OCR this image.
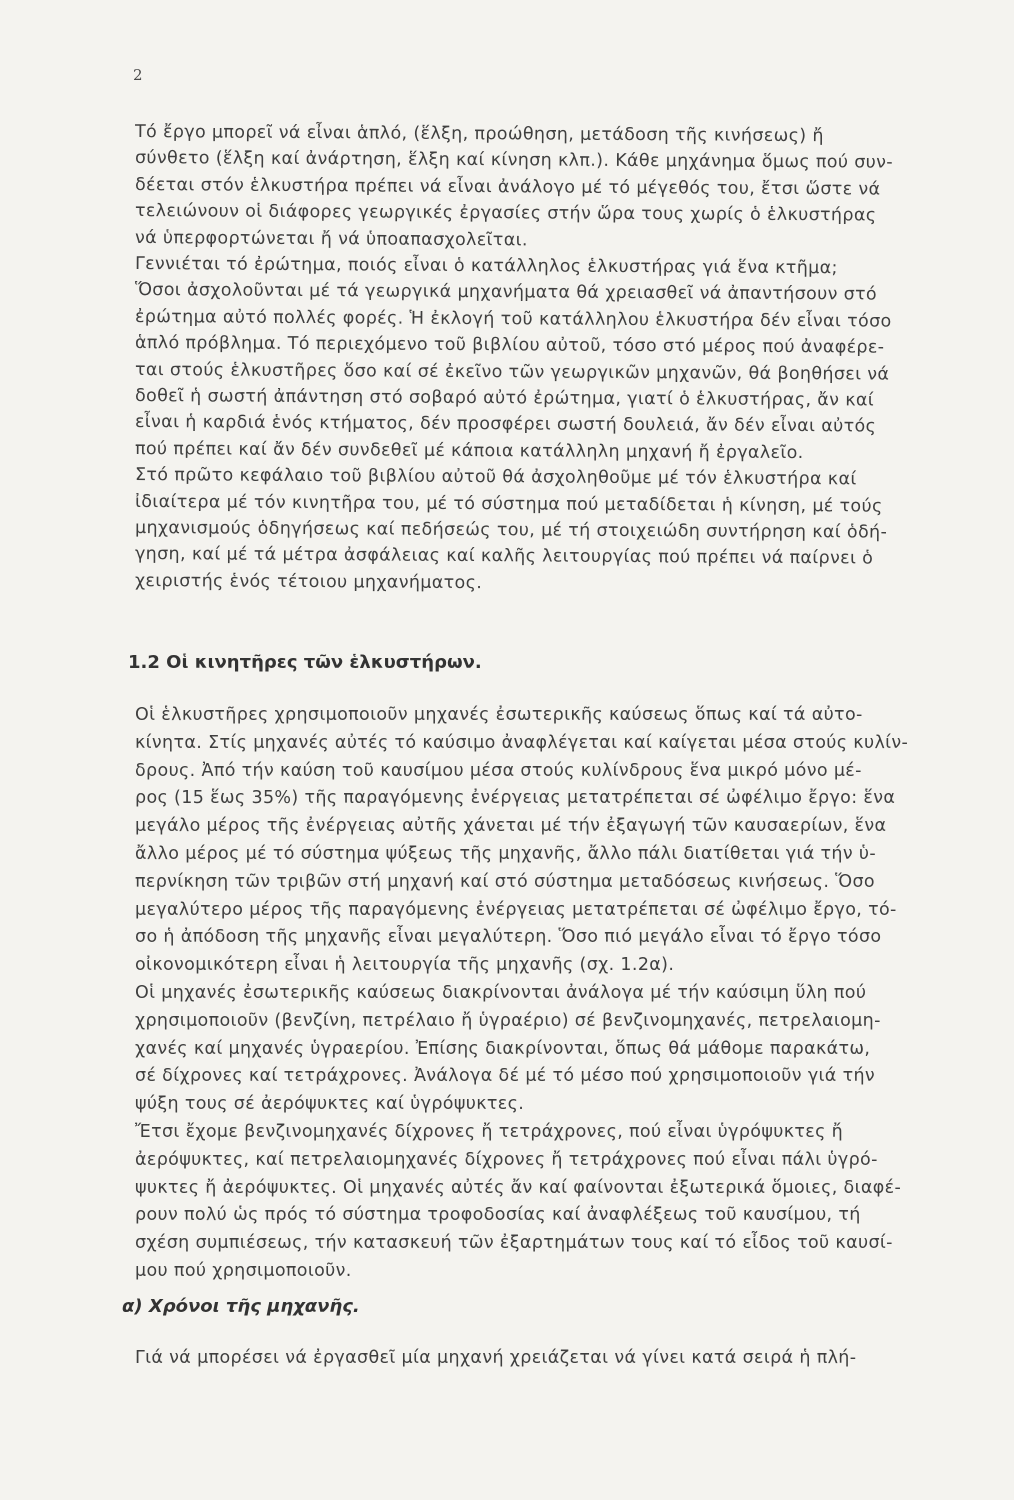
2
Τό ἔργο μπορεῖ νά εἶναι ἁπλό, (ἕλξη, προώθηση, μετάδοση τῆς κινήσεως) ἤ
σύνθετο (ἕλξη καί ἀνάρτηση, ἕλξη καί κίνηση κλπ.). Κάθε μηχάνημα ὅμως πού συν-
δέεται στόν ἑλκυστήρα πρέπει νά εἶναι ἀνάλογο μέ τό μέγεθός του, ἔτσι ὥστε νά
τελειώνουν οἱ διάφορες γεωργικές ἐργασίες στήν ὥρα τους χωρίς ὁ ἑλκυστήρας
νά ὑπερφορτώνεται ἤ νά ὑποαπασχολεῖται.
Γεννιέται τό ἐρώτημα, ποιός εἶναι ὁ κατάλληλος ἑλκυστήρας γιά ἕνα κτῆμα;
Ὅσοι ἀσχολοῦνται μέ τά γεωργικά μηχανήματα θά χρειασθεῖ νά ἀπαντήσουν στό
ἐρώτημα αὐτό πολλές φορές. Ἡ ἐκλογή τοῦ κατάλληλου ἑλκυστήρα δέν εἶναι τόσο
ἁπλό πρόβλημα. Τό περιεχόμενο τοῦ βιβλίου αὐτοῦ, τόσο στό μέρος πού ἀναφέρε-
ται στούς ἑλκυστῆρες ὅσο καί σέ ἐκεῖνο τῶν γεωργικῶν μηχανῶν, θά βοηθήσει νά
δοθεῖ ἡ σωστή ἀπάντηση στό σοβαρό αὐτό ἐρώτημα, γιατί ὁ ἑλκυστήρας, ἄν καί
εἶναι ἡ καρδιά ἑνός κτήματος, δέν προσφέρει σωστή δουλειά, ἄν δέν εἶναι αὐτός
πού πρέπει καί ἄν δέν συνδεθεῖ μέ κάποια κατάλληλη μηχανή ἤ ἐργαλεῖο.
Στό πρῶτο κεφάλαιο τοῦ βιβλίου αὐτοῦ θά ἀσχοληθοῦμε μέ τόν ἑλκυστήρα καί
ἰδιαίτερα μέ τόν κινητῆρα του, μέ τό σύστημα πού μεταδίδεται ἡ κίνηση, μέ τούς
μηχανισμούς ὁδηγήσεως καί πεδήσεώς του, μέ τή στοιχειώδη συντήρηση καί ὁδή-
γηση, καί μέ τά μέτρα ἀσφάλειας καί καλῆς λειτουργίας πού πρέπει νά παίρνει ὁ
χειριστής ἑνός τέτοιου μηχανήματος.
1.2 Οἱ κινητῆρες τῶν ἑλκυστήρων.
Οἱ ἑλκυστῆρες χρησιμοποιοῦν μηχανές ἐσωτερικῆς καύσεως ὅπως καί τά αὐτο-
κίνητα. Στίς μηχανές αὐτές τό καύσιμο ἀναφλέγεται καί καίγεται μέσα στούς κυλίν-
δρους. Ἀπό τήν καύση τοῦ καυσίμου μέσα στούς κυλίνδρους ἕνα μικρό μόνο μέ-
ρος (15 ἕως 35%) τῆς παραγόμενης ἐνέργειας μετατρέπεται σέ ὠφέλιμο ἔργο: ἕνα
μεγάλο μέρος τῆς ἐνέργειας αὐτῆς χάνεται μέ τήν ἐξαγωγή τῶν καυσαερίων, ἕνα
ἄλλο μέρος μέ τό σύστημα ψύξεως τῆς μηχανῆς, ἄλλο πάλι διατίθεται γιά τήν ὑ-
περνίκηση τῶν τριβῶν στή μηχανή καί στό σύστημα μεταδόσεως κινήσεως. Ὅσο
μεγαλύτερο μέρος τῆς παραγόμενης ἐνέργειας μετατρέπεται σέ ὠφέλιμο ἔργο, τό-
σο ἡ ἀπόδοση τῆς μηχανῆς εἶναι μεγαλύτερη. Ὅσο πιό μεγάλο εἶναι τό ἔργο τόσο
οἰκονομικότερη εἶναι ἡ λειτουργία τῆς μηχανῆς (σχ. 1.2α).
Οἱ μηχανές ἐσωτερικῆς καύσεως διακρίνονται ἀνάλογα μέ τήν καύσιμη ὕλη πού
χρησιμοποιοῦν (βενζίνη, πετρέλαιο ἤ ὑγραέριο) σέ βενζινομηχανές, πετρελαιομη-
χανές καί μηχανές ὑγραερίου. Ἐπίσης διακρίνονται, ὅπως θά μάθομε παρακάτω,
σέ δίχρονες καί τετράχρονες. Ἀνάλογα δέ μέ τό μέσο πού χρησιμοποιοῦν γιά τήν
ψύξη τους σέ ἀερόψυκτες καί ὑγρόψυκτες.
Ἔτσι ἔχομε βενζινομηχανές δίχρονες ἤ τετράχρονες, πού εἶναι ὑγρόψυκτες ἤ
ἀερόψυκτες, καί πετρελαιομηχανές δίχρονες ἤ τετράχρονες πού εἶναι πάλι ὑγρό-
ψυκτες ἤ ἀερόψυκτες. Οἱ μηχανές αὐτές ἄν καί φαίνονται ἐξωτερικά ὅμοιες, διαφέ-
ρουν πολύ ὡς πρός τό σύστημα τροφοδοσίας καί ἀναφλέξεως τοῦ καυσίμου, τή
σχέση συμπιέσεως, τήν κατασκευή τῶν ἐξαρτημάτων τους καί τό εἶδος τοῦ καυσί-
μου πού χρησιμοποιοῦν.
α) Χρόνοι τῆς μηχανῆς.
Γιά νά μπορέσει νά ἐργασθεῖ μία μηχανή χρειάζεται νά γίνει κατά σειρά ἡ πλή-
